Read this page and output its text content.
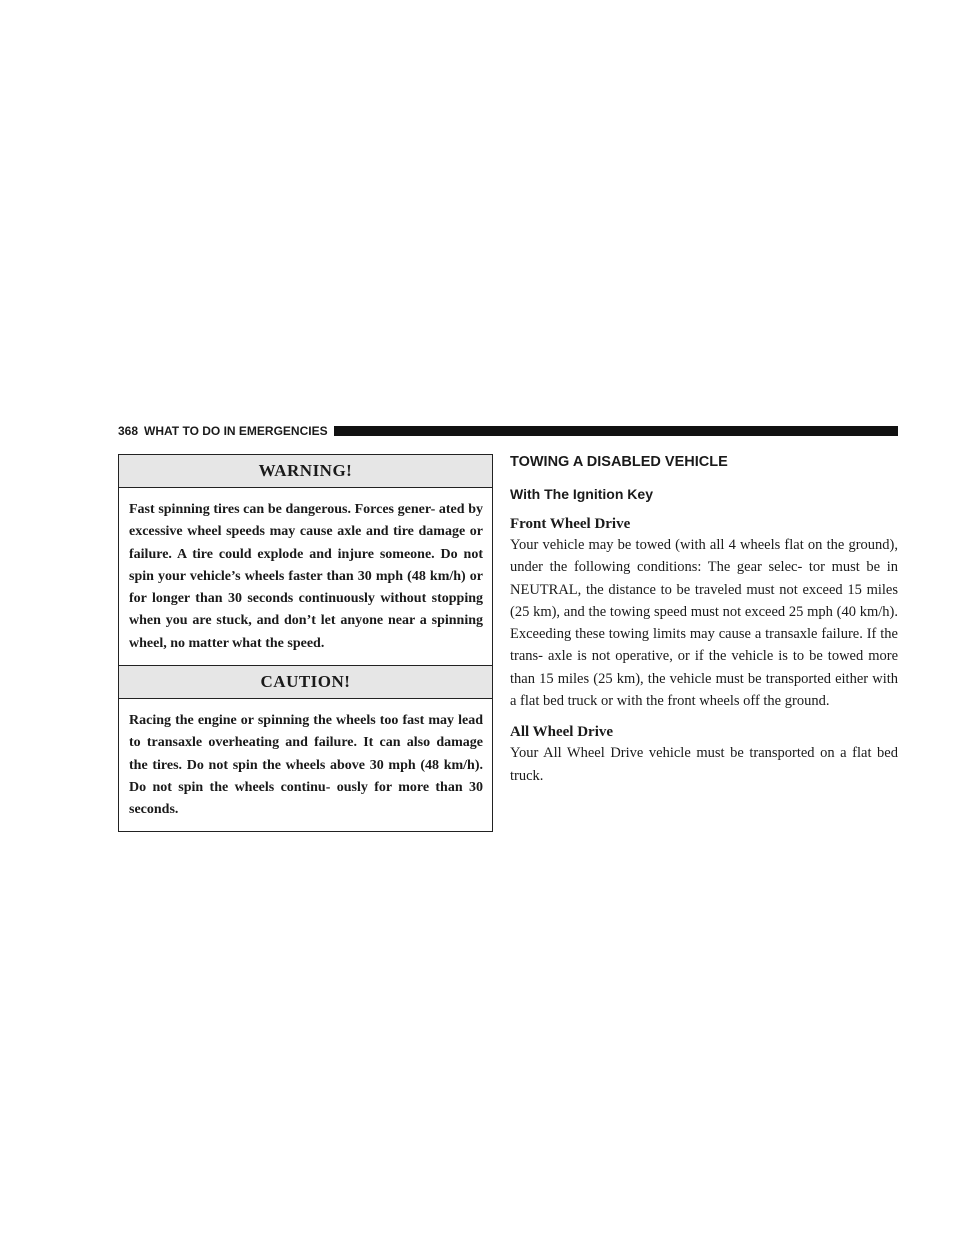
368 WHAT TO DO IN EMERGENCIES
WARNING!
Fast spinning tires can be dangerous. Forces gener- ated by excessive wheel speeds may cause axle and tire damage or failure. A tire could explode and injure someone. Do not spin your vehicle’s wheels faster than 30 mph (48 km/h) or for longer than 30 seconds continuously without stopping when you are stuck, and don’t let anyone near a spinning wheel, no matter what the speed.
CAUTION!
Racing the engine or spinning the wheels too fast may lead to transaxle overheating and failure. It can also damage the tires. Do not spin the wheels above 30 mph (48 km/h). Do not spin the wheels continu- ously for more than 30 seconds.
TOWING A DISABLED VEHICLE
With The Ignition Key
Front Wheel Drive

Your vehicle may be towed (with all 4 wheels flat on the ground), under the following conditions: The gear selec- tor must be in NEUTRAL, the distance to be traveled must not exceed 15 miles (25 km), and the towing speed must not exceed 25 mph (40 km/h). Exceeding these towing limits may cause a transaxle failure. If the trans- axle is not operative, or if the vehicle is to be towed more than 15 miles (25 km), the vehicle must be transported either with a flat bed truck or with the front wheels off the ground.

All Wheel Drive

Your All Wheel Drive vehicle must be transported on a flat bed truck.
